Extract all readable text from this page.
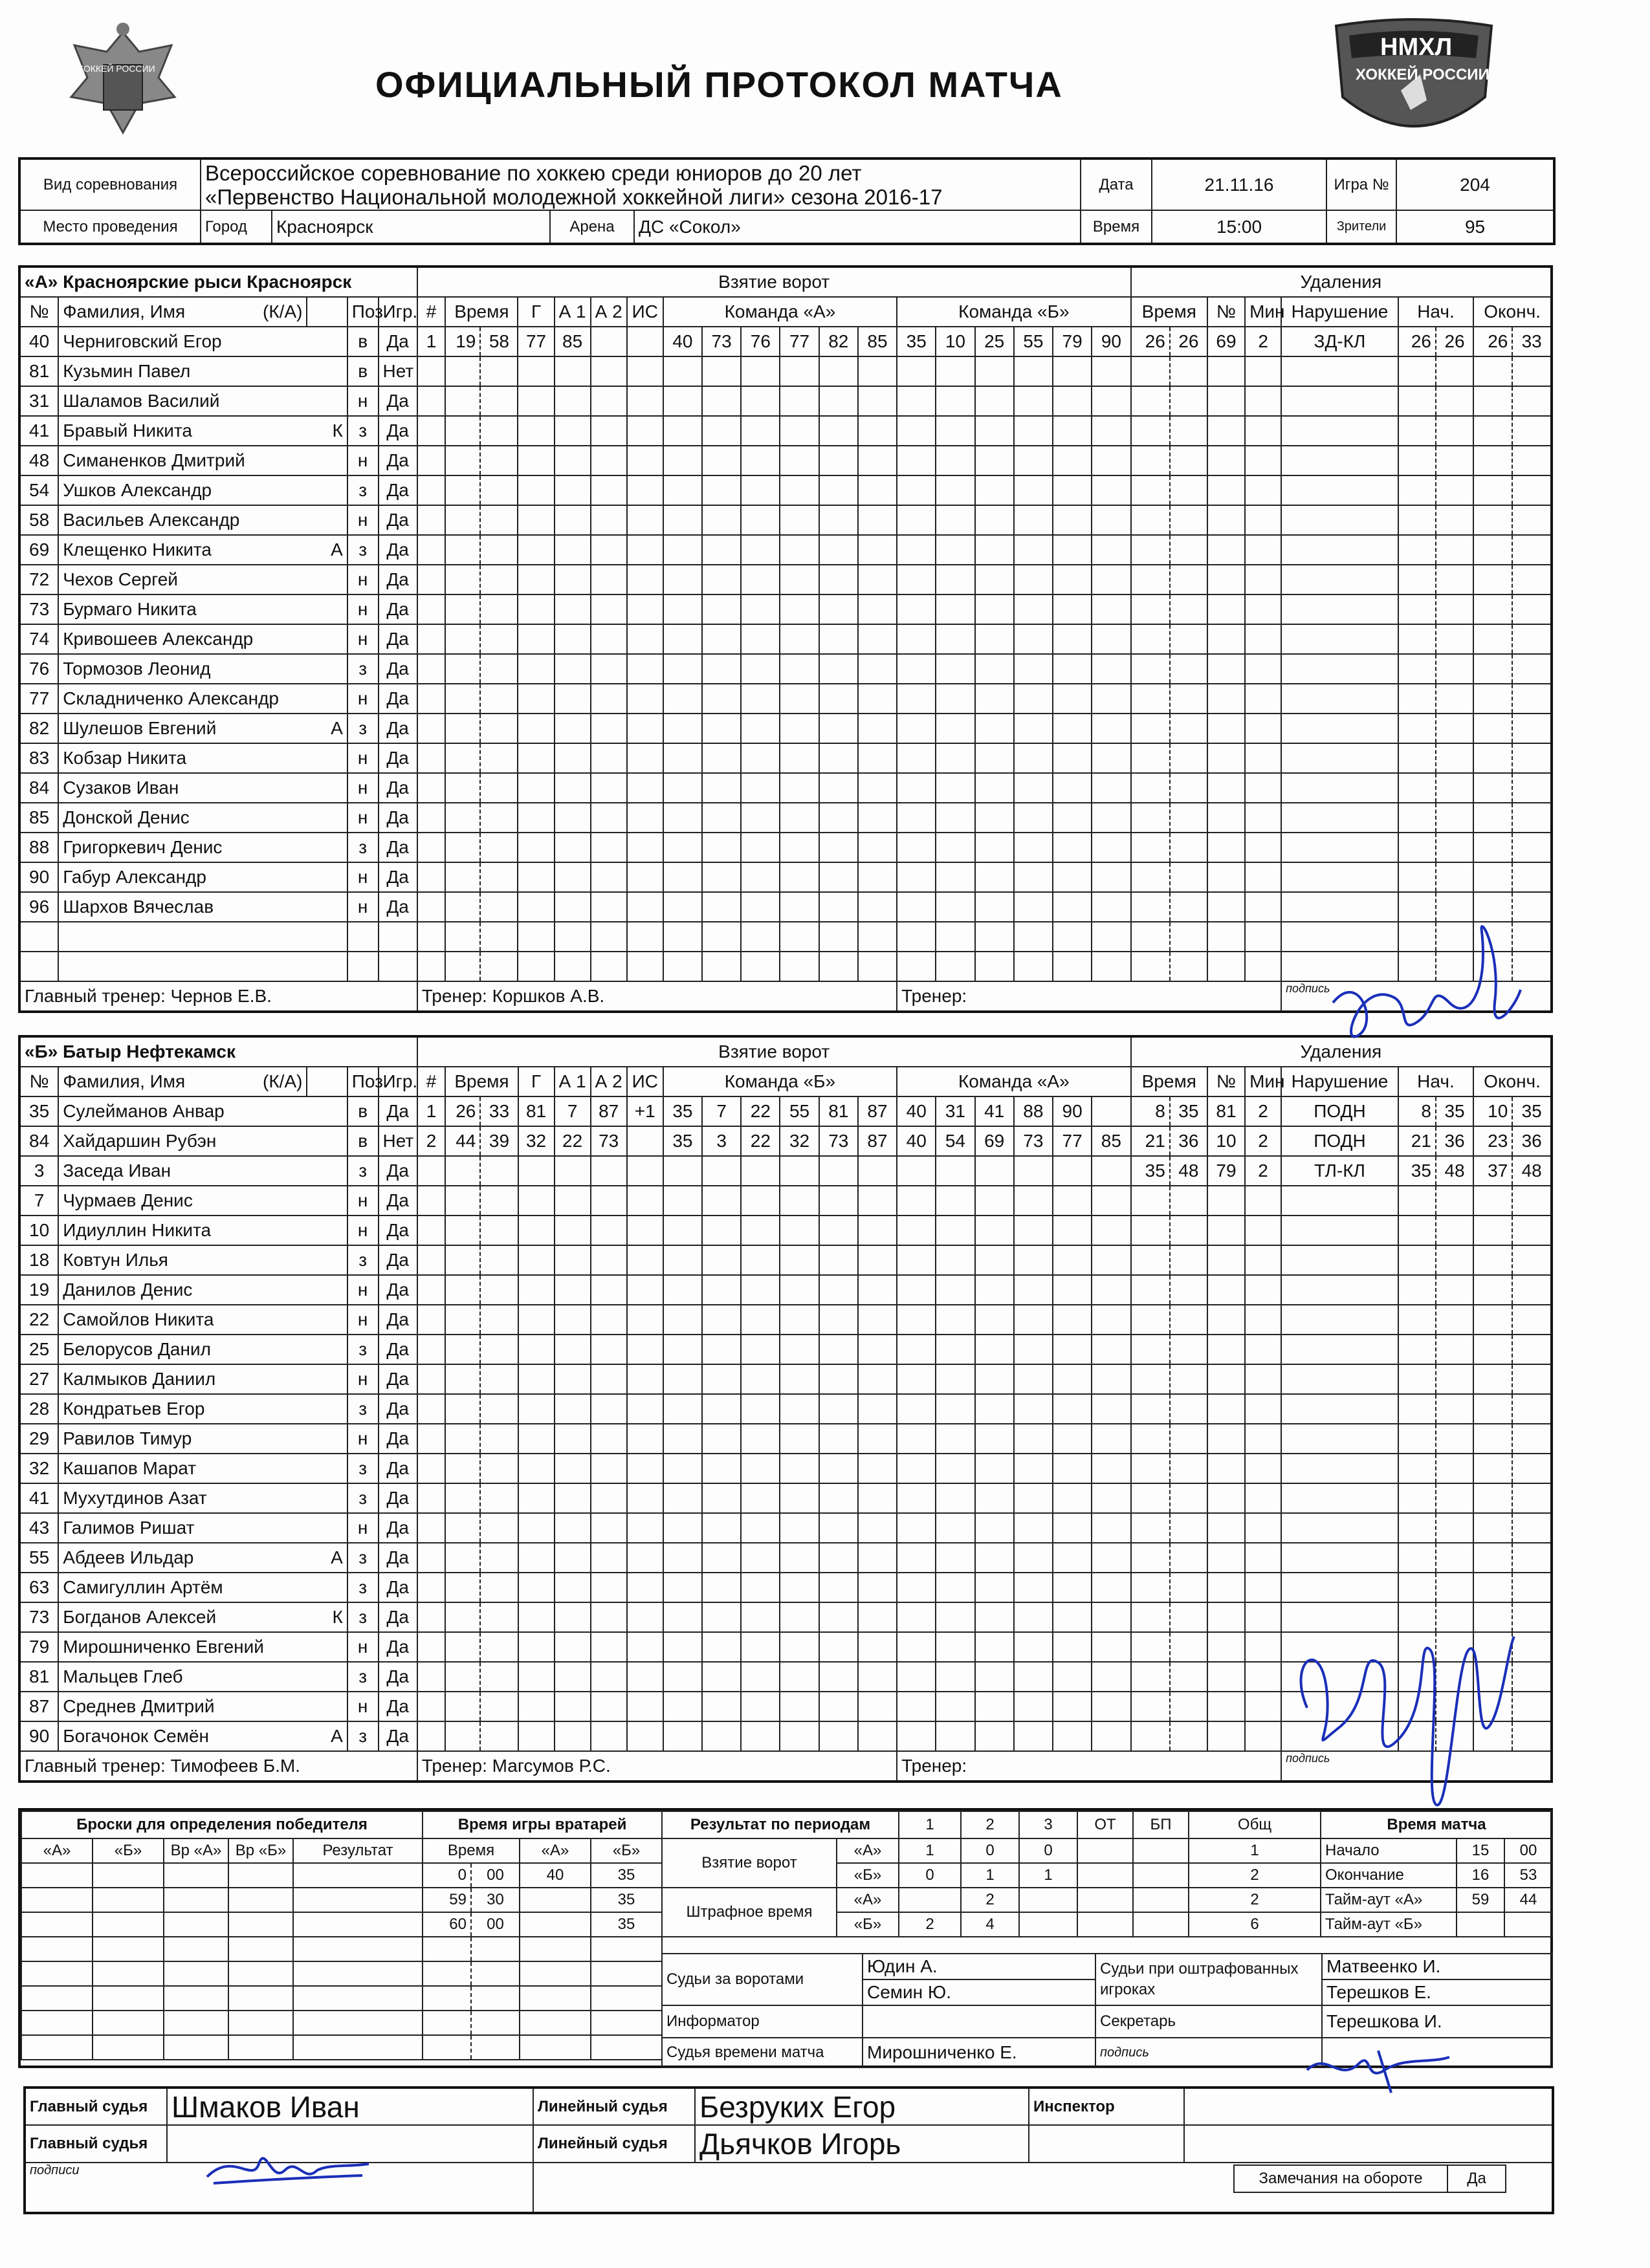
ХОККЕЙ РОССИИ	ОФИЦИАЛЬНЫЙ ПРОТОКОЛ МАТЧА
НМХЛ
ХОККЕЙ РОССИИ
Вид соревнования	Всероссийское соревнование по хоккею среди юниоров до 20 лет
«Первенство Национальной молодежной хоккейной лиги» сезона 2016-17				Дата	21.11.16	Игра №	204
Место проведения	Город	Красноярск	Арена	ДС «Сокол»	Время	15:00	Зрители	95
«А» Красноярские рыси Красноярск					Взятие ворот																			Удаления								
№	Фамилия, Имя (К/А)		Поз.	Игр.	#	Время		Г	А 1	А 2	ИС	Команда «А»						Команда «Б»						Время		№	Мин	Нарушение	Нач.		Оконч.	
40	Черниговский Егор		в	Да	1	19	58	77	85			40	73	76	77	82	85	35	10	25	55	79	90	26	26	69	2	ЗД-КЛ	26	26	26	33
81	Кузьмин Павел		в	Нет																												
31	Шаламов Василий		н	Да																												
41	Бравый Никита К		з	Да																												
48	Симаненков Дмитрий		н	Да																												
54	Ушков Александр		з	Да																												
58	Васильев Александр		н	Да																												
69	Клещенко Никита А		з	Да																												
72	Чехов Сергей		н	Да																												
73	Бурмаго Никита		н	Да																												
74	Кривошеев Александр		н	Да																												
76	Тормозов Леонид		з	Да																												
77	Складниченко Александр		н	Да																												
82	Шулешов Евгений А		з	Да																												
83	Кобзар Никита		н	Да																												
84	Сузаков Иван		н	Да																												
85	Донской Денис		н	Да																												
88	Григоркевич Денис		з	Да																												
90	Габур Александр		н	Да																												
96	Шархов Вячеслав		н	Да																												

Главный тренер: Чернов Е.В.					Тренер: Коршков А.В.													Тренер:										подпись				
«Б» Батыр Нефтекамск					Взятие ворот																			Удаления								
№	Фамилия, Имя (К/А)		Поз.	Игр.	#	Время		Г	А 1	А 2	ИС	Команда «Б»						Команда «А»						Время		№	Мин	Нарушение	Нач.		Оконч.	
35	Сулейманов Анвар		в	Да	1	26	33	81	7	87	+1	35	7	22	55	81	87	40	31	41	88	90		8	35	81	2	ПОДН	8	35	10	35
84	Хайдаршин Рубэн		в	Нет	2	44	39	32	22	73		35	3	22	32	73	87	40	54	69	73	77	85	21	36	10	2	ПОДН	21	36	23	36
3	Заседа Иван		з	Да																				35	48	79	2	ТЛ-КЛ	35	48	37	48
7	Чурмаев Денис		н	Да																												
10	Идиуллин Никита		н	Да																												
18	Ковтун Илья		з	Да																												
19	Данилов Денис		н	Да																												
22	Самойлов Никита		н	Да																												
25	Белорусов Данил		з	Да																												
27	Калмыков Даниил		н	Да																												
28	Кондратьев Егор		з	Да																												
29	Равилов Тимур		н	Да																												
32	Кашапов Марат		з	Да																												
41	Мухутдинов Азат		з	Да																												
43	Галимов Ришат		н	Да																												
55	Абдеев Ильдар А		з	Да																												
63	Самигуллин Артём		з	Да																												
73	Богданов Алексей К		з	Да																												
79	Мирошниченко Евгений		н	Да																												
81	Мальцев Глеб		з	Да																												
87	Среднев Дмитрий		н	Да																												
90	Богачонок Семён А		з	Да																												
Главный тренер: Тимофеев Б.М.					Тренер: Магсумов Р.С.													Тренер:										подпись				
Броски для определения победителя				
«А»	«Б»	Вр «А»	Вр «Б»	Результат

Время игры вратарей			
Время		«А»	«Б»
0	00	40	35
59	30		35
60	00		35

Результат по периодам		1	2	3	ОТ	БП	Общ
Взятие ворот	«А»	1	0	0			1
	«Б»	0	1	1			2
Штрафное время	«А»		2				2
	«Б»	2	4				6
Время матча		
Начало	15	00
Окончание	16	53
Тайм-аут «А»	59	44
Тайм-аут «Б»		
Судьи за воротами	Юдин А.	Судьи при оштрафованных игроках	Матвеенко И.
	Семин Ю.		Терешков Е.
Информатор		Секретарь	Терешкова И.
Судья времени матча	Мирошниченко Е.	подпись	
Главный судья	Шмаков Иван	Линейный судья	Безруких Егор	Инспектор	
Главный судья		Линейный судья	Дьячков Игорь		
подписи						Замечания на обороте	Да
